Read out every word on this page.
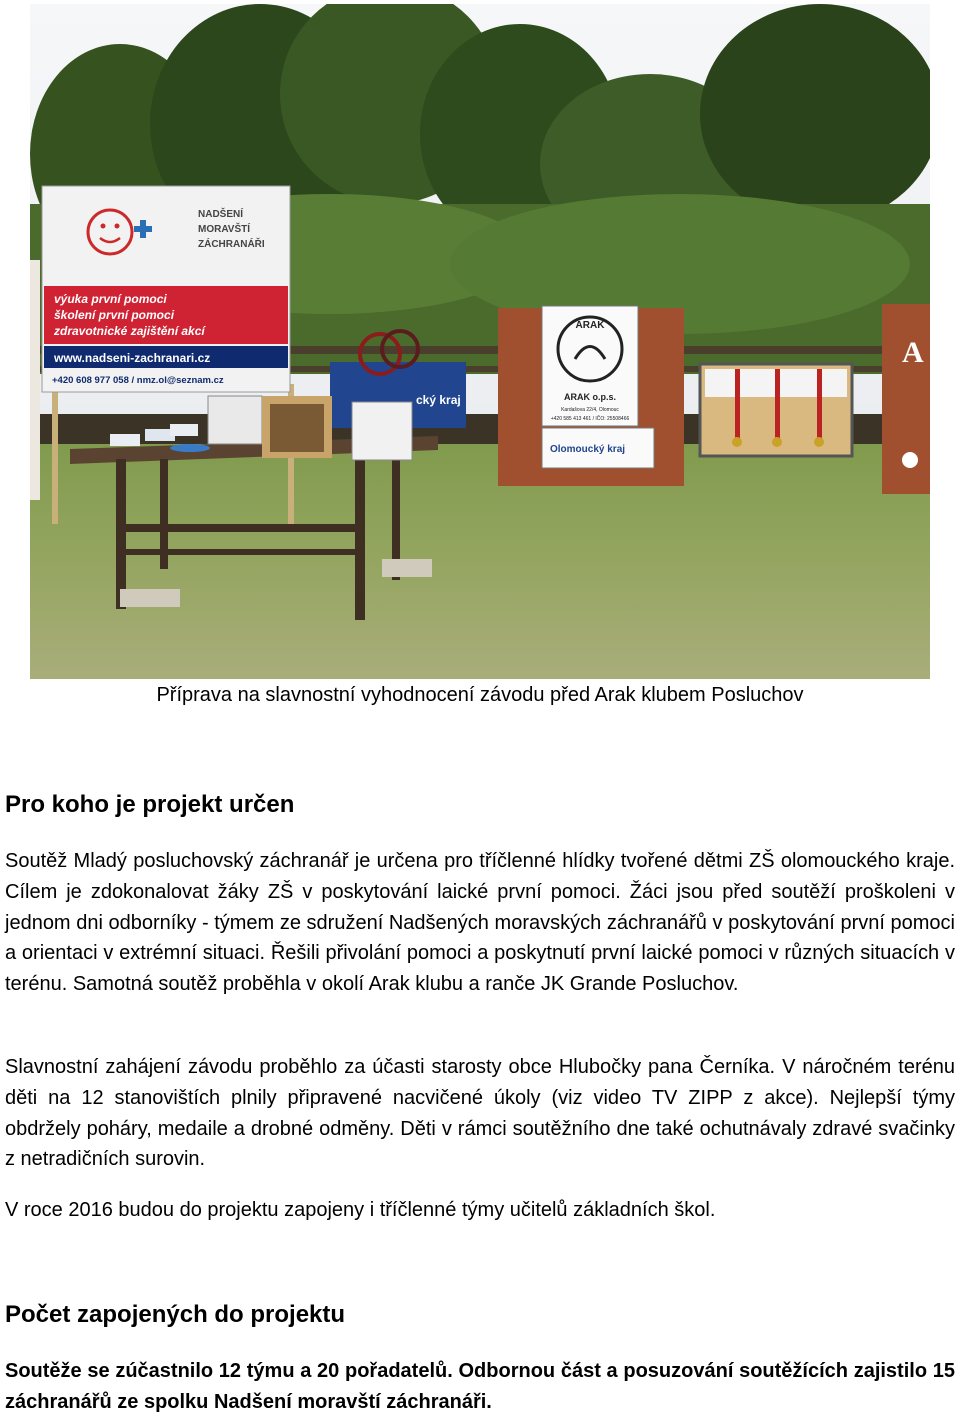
NADŠENÍ
MORAVŠTÍ
ZÁCHRANÁŘI
výuka první pomoci
školení první pomoci
zdravotnické zajištění akcí
www.nadseni-zachranari.cz
+420 608 977 058 / nmz.ol@seznam.cz
cký kraj
ARAK
ARAK o.p.s.
Kardašova 22/4, Olomouc
+420 585 413 461 / IČO: 25508466
Olomoucký kraj
A
Příprava na slavnostní vyhodnocení závodu před Arak klubem Posluchov
Pro koho je projekt určen

Soutěž Mladý posluchovský záchranář je určena pro tříčlenné hlídky tvořené dětmi ZŠ olomouckého kraje. Cílem je zdokonalovat žáky ZŠ v poskytování laické první pomoci. Žáci jsou před soutěží proškoleni v jednom dni odborníky - týmem ze sdružení Nadšených moravských záchranářů v poskytování první pomoci a orientaci v extrémní situaci. Řešili přivolání pomoci a poskytnutí první laické pomoci v různých situacích v terénu. Samotná soutěž proběhla v okolí Arak klubu a ranče JK Grande Posluchov.

Slavnostní zahájení závodu proběhlo za účasti starosty obce Hlubočky pana Černíka. V náročném terénu děti na 12 stanovištích plnily připravené nacvičené úkoly (viz video TV ZIPP z akce). Nejlepší týmy obdržely poháry, medaile a drobné odměny. Děti v rámci soutěžního dne také ochutnávaly zdravé svačinky z netradičních surovin.

V roce 2016 budou do projektu zapojeny i tříčlenné týmy učitelů základních škol.

Počet zapojených do projektu

Soutěže se zúčastnilo 12 týmu a 20 pořadatelů. Odbornou část a posuzování soutěžících zajistilo 15 záchranářů ze spolku Nadšení moravští záchranáři.
